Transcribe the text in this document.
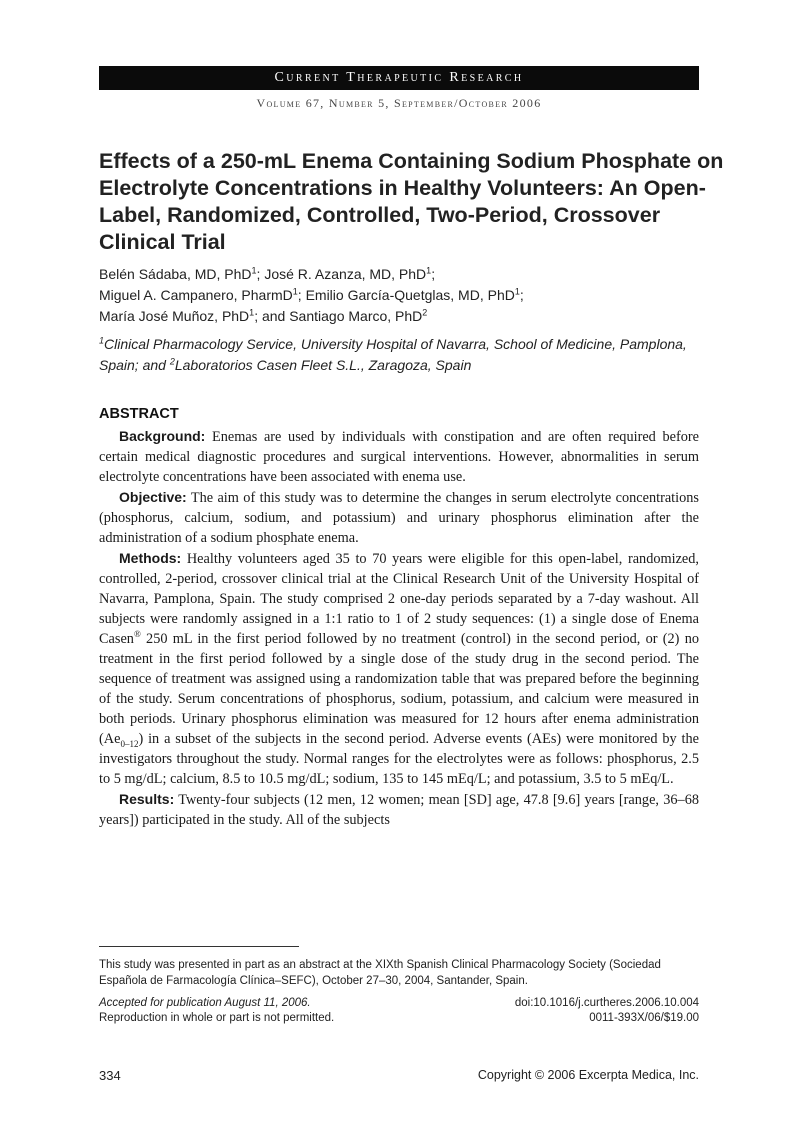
Current Therapeutic Research
Volume 67, Number 5, September/October 2006
Effects of a 250-mL Enema Containing Sodium Phosphate on Electrolyte Concentrations in Healthy Volunteers: An Open-Label, Randomized, Controlled, Two-Period, Crossover Clinical Trial
Belén Sádaba, MD, PhD$^1$; José R. Azanza, MD, PhD$^1$;
Miguel A. Campanero, PharmD$^1$; Emilio García-Quetglas, MD, PhD$^1$;
María José Muñoz, PhD$^1$; and Santiago Marco, PhD$^2$
$^1$Clinical Pharmacology Service, University Hospital of Navarra, School of Medicine, Pamplona, Spain; and $^2$Laboratorios Casen Fleet S.L., Zaragoza, Spain
ABSTRACT

Background: Enemas are used by individuals with constipation and are often required before certain medical diagnostic procedures and surgical interventions. However, abnormalities in serum electrolyte concentrations have been associated with enema use.

Objective: The aim of this study was to determine the changes in serum electrolyte concentrations (phosphorus, calcium, sodium, and potassium) and urinary phosphorus elimination after the administration of a sodium phosphate enema.

Methods: Healthy volunteers aged 35 to 70 years were eligible for this open-label, randomized, controlled, 2-period, crossover clinical trial at the Clinical Research Unit of the University Hospital of Navarra, Pamplona, Spain. The study comprised 2 one-day periods separated by a 7-day washout. All subjects were randomly assigned in a 1:1 ratio to 1 of 2 study sequences: (1) a single dose of Enema Casen® 250 mL in the first period followed by no treatment (control) in the second period, or (2) no treatment in the first period followed by a single dose of the study drug in the second period. The sequence of treatment was assigned using a randomization table that was prepared before the beginning of the study. Serum concentrations of phosphorus, sodium, potassium, and calcium were measured in both periods. Urinary phosphorus elimination was measured for 12 hours after enema administration $(Ae_{0-12})$ in a subset of the subjects in the second period. Adverse events (AEs) were monitored by the investigators throughout the study. Normal ranges for the electrolytes were as follows: phosphorus, 2.5 to 5 mg/dL; calcium, 8.5 to 10.5 mg/dL; sodium, 135 to 145 mEq/L; and potassium, 3.5 to 5 mEq/L.

Results: Twenty-four subjects (12 men, 12 women; mean [SD] age, 47.8 [9.6] years [range, 36–68 years]) participated in the study. All of the subjects

This study was presented in part as an abstract at the XIXth Spanish Clinical Pharmacology Society (Sociedad Española de Farmacología Clínica–SEFC), October 27–30, 2004, Santander, Spain.
Accepted for publication August 11, 2006.	doi:10.1016/j.curtheres.2006.10.004
Reproduction in whole or part is not permitted.	0011-393X/06/$19.00
334	Copyright © 2006 Excerpta Medica, Inc.
